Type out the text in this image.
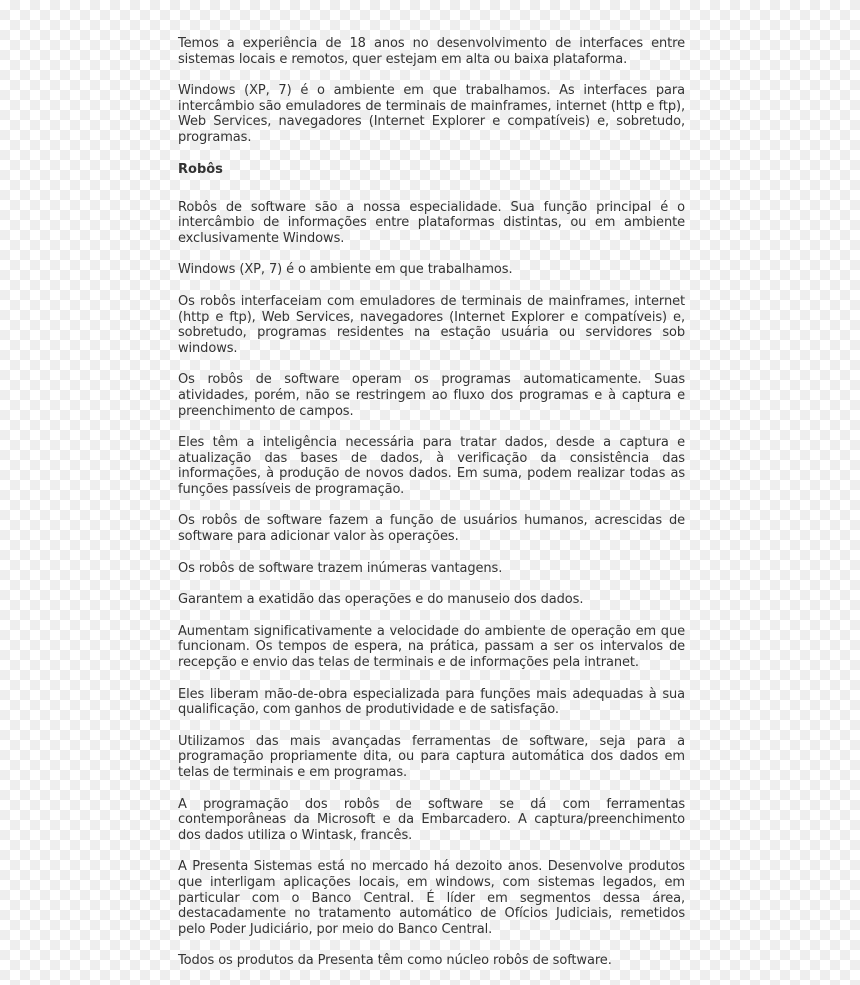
Temos a experiência de 18 anos no desenvolvimento de interfaces entre sistemas locais e remotos, quer estejam em alta ou baixa plataforma.

Windows (XP, 7) é o ambiente em que trabalhamos. As interfaces para intercâmbio são emuladores de terminais de mainframes, internet (http e ftp), Web Services, navegadores (Internet Explorer e compatíveis) e, sobretudo, programas.

Robôs

Robôs de software são a nossa especialidade. Sua função principal é o intercâmbio de informações entre plataformas distintas, ou em ambiente exclusivamente Windows.

Windows (XP, 7) é o ambiente em que trabalhamos.

Os robôs interfaceiam com emuladores de terminais de mainframes, internet (http e ftp), Web Services, navegadores (Internet Explorer e compatíveis) e, sobretudo, programas residentes na estação usuária ou servidores sob windows.

Os robôs de software operam os programas automaticamente. Suas atividades, porém, não se restringem ao fluxo dos programas e à captura e preenchimento de campos.

Eles têm a inteligência necessária para tratar dados, desde a captura e atualização das bases de dados, à verificação da consistência das informações, à produção de novos dados. Em suma, podem realizar todas as funções passíveis de programação.

Os robôs de software fazem a função de usuários humanos, acrescidas de software para adicionar valor às operações.

Os robôs de software trazem inúmeras vantagens.

Garantem a exatidão das operações e do manuseio dos dados.

Aumentam significativamente a velocidade do ambiente de operação em que funcionam. Os tempos de espera, na prática, passam a ser os intervalos de recepção e envio das telas de terminais e de informações pela intranet.

Eles liberam mão-de-obra especializada para funções mais adequadas à sua qualificação, com ganhos de produtividade e de satisfação.

Utilizamos das mais avançadas ferramentas de software, seja para a programação propriamente dita, ou para captura automática dos dados em telas de terminais e em programas.

A programação dos robôs de software se dá com ferramentas contemporâneas da Microsoft e da Embarcadero. A captura/preenchimento dos dados utiliza o Wintask, francês.

A Presenta Sistemas está no mercado há dezoito anos. Desenvolve produtos que interligam aplicações locais, em windows, com sistemas legados, em particular com o Banco Central. É líder em segmentos dessa área, destacadamente no tratamento automático de Ofícios Judiciais, remetidos pelo Poder Judiciário, por meio do Banco Central.

Todos os produtos da Presenta têm como núcleo robôs de software.
